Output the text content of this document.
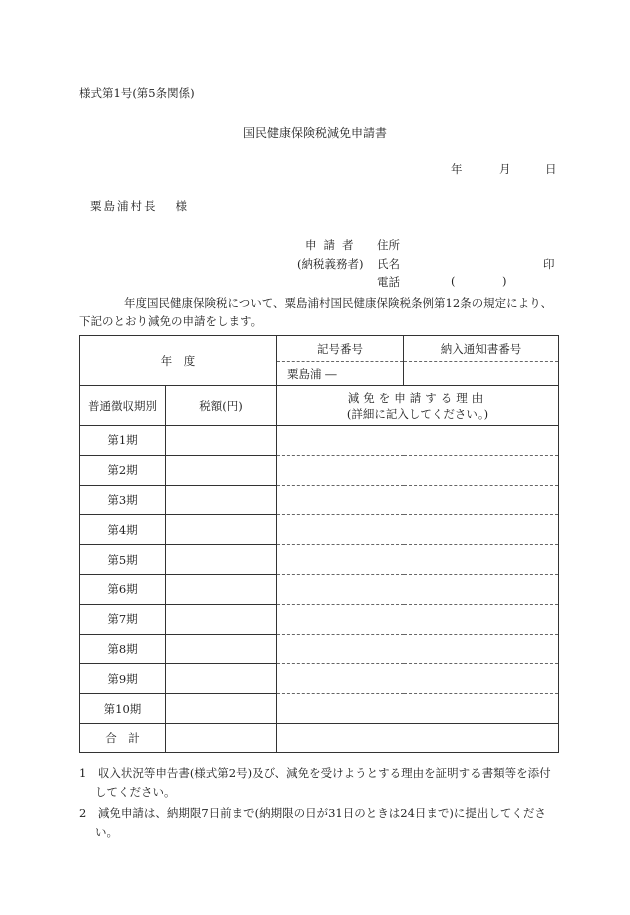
様式第1号(第5条関係)
国民健康保険税減免申請書
年	月	日
粟島浦村長 様
申請者 住所
(納税義務者) 氏名	印
電話	(	)
年度国民健康保険税について、粟島浦村国民健康保険税条例第12条の規定により、下記のとおり減免の申請をします。
年　度		記号番号	納入通知書番号
		粟島浦 ―	
普通徴収期別	税額(円)	減免を申請する理由
(詳細に記入してください。)	

第1期			
第2期			
第3期			
第4期			
第5期			
第6期			
第7期			
第8期			
第9期			
第10期			
合　計			
1　収入状況等申告書(様式第2号)及び、減免を受けようとする理由を証明する書類等を添付してください。
2　減免申請は、納期限7日前まで(納期限の日が31日のときは24日まで)に提出してください。
